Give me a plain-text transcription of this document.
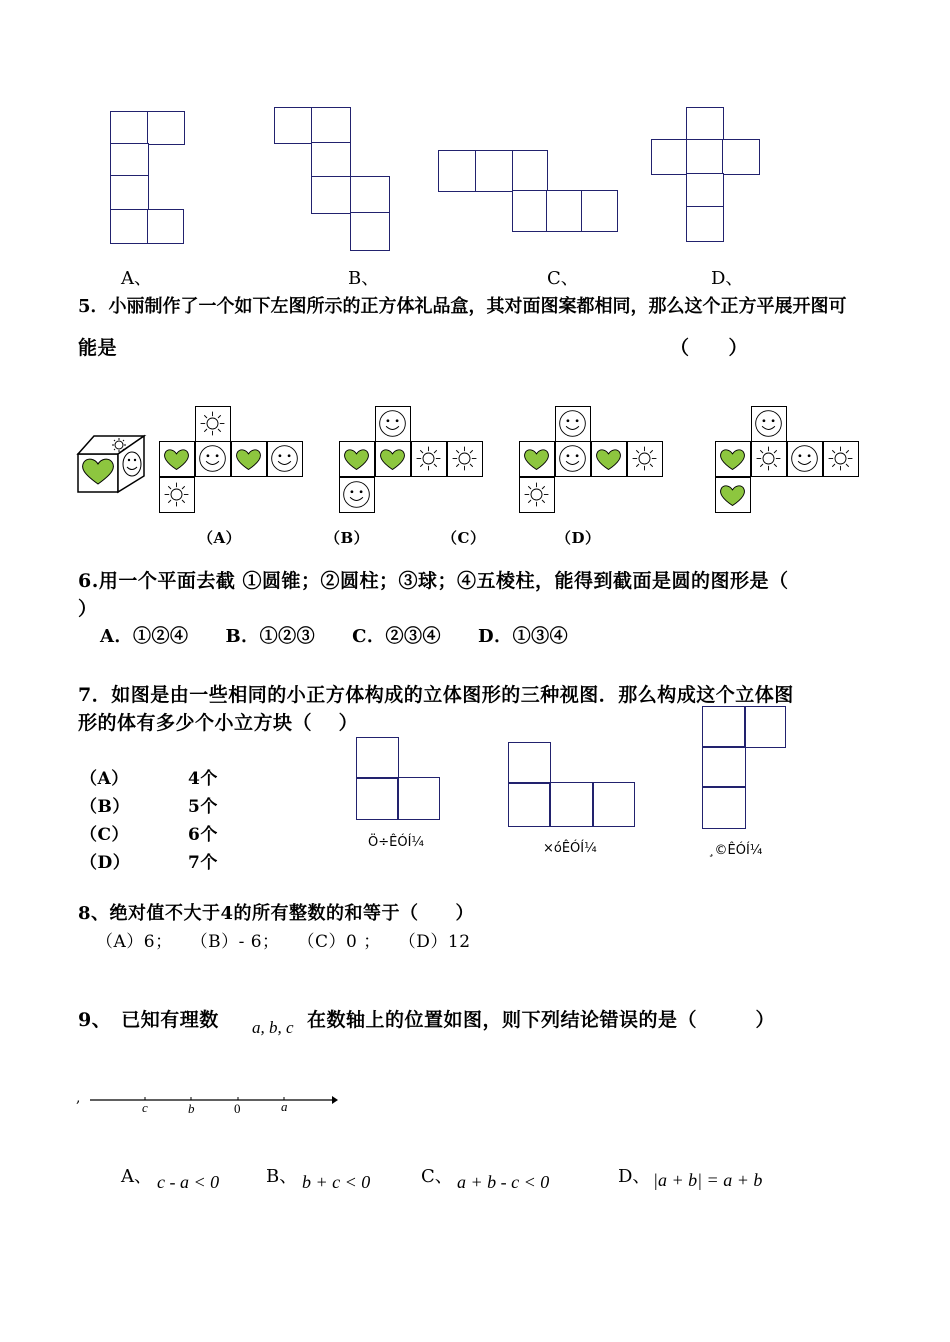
A、	B、	C、	D、
5．小丽制作了一个如下左图所示的正方体礼品盒，其对面图案都相同，那么这个正方平展开图可
能是	（　　）
（A）	（B）	（C）	（D）
6.用一个平面去截 ①圆锥；②圆柱；③球；④五棱柱，能得到截面是圆的图形是（
）
A．①②④　　B．①②③　　C．②③④　　D．①③④
7．如图是由一些相同的小正方体构成的立体图形的三种视图．那么构成这个立体图
形的体有多少个小立方块（　 ）
（A）	4个
（B）	5个
（C）	6个
（D）	7个
Ö÷ÊÓÍ¼	×óÊÓÍ¼	¸©ÊÓÍ¼
8、绝对值不大于4的所有整数的和等于（　　）
（A）6；　　（B）- 6；　　（C）0 ；　　（D）12
9、　已知有理数 a, b, c 在数轴上的位置如图，则下列结论错误的是（　　　）
,
c	b	0	a
A、 c - a < 0	B、 b + c < 0	C、 a + b - c < 0	D、 |a + b| = a + b
